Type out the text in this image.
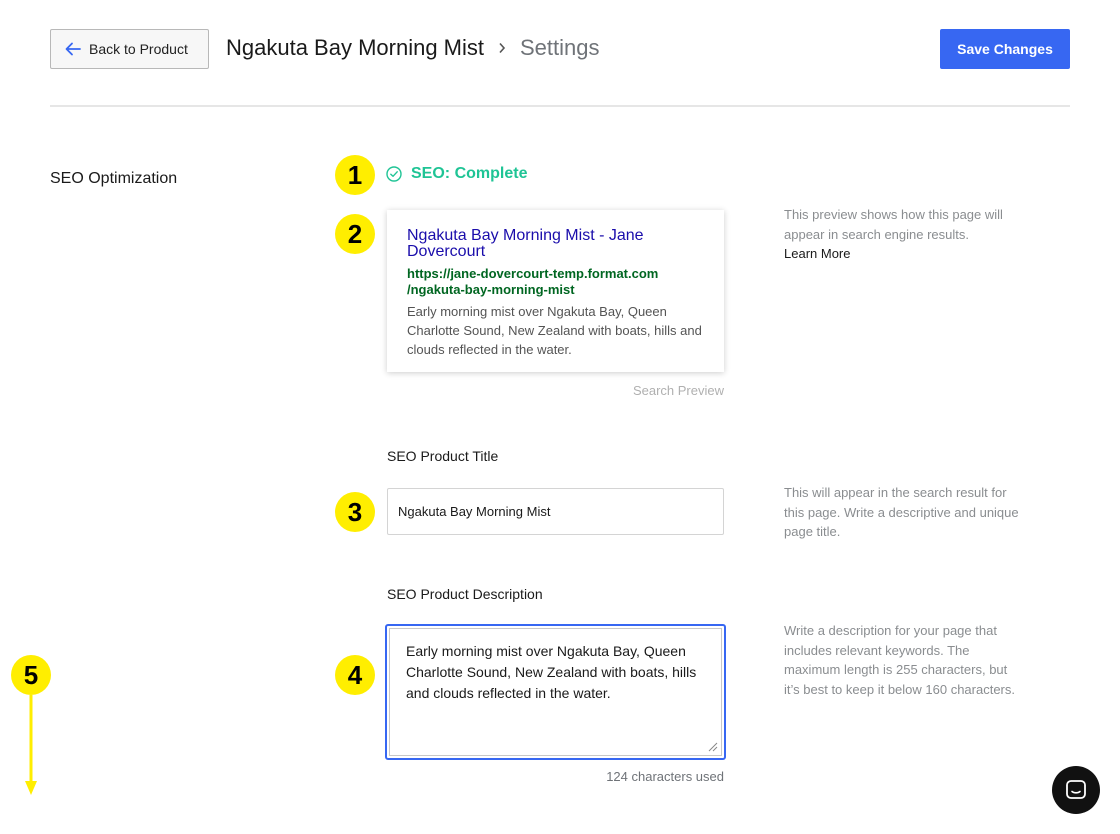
Back to Product Ngakuta Bay Morning Mist Settings	Save Changes
SEO Optimization	1	SEO: Complete
2	Ngakuta Bay Morning Mist - Jane Dovercourt
https://jane-dovercourt-temp.format.com
/ngakuta-bay-morning-mist
Early morning mist over Ngakuta Bay, Queen Charlotte Sound, New Zealand with boats, hills and clouds reflected in the water.
Search Preview
This preview shows how this page will appear in search engine results.
Learn More
SEO Product Title
3
Ngakuta Bay Morning Mist
This will appear in the search result for this page. Write a descriptive and unique page title.
SEO Product Description
4
Early morning mist over Ngakuta Bay, Queen Charlotte Sound, New Zealand with boats, hills and clouds reflected in the water.
124 characters used
Write a description for your page that includes relevant keywords. The maximum length is 255 characters, but it’s best to keep it below 160 characters.
5
